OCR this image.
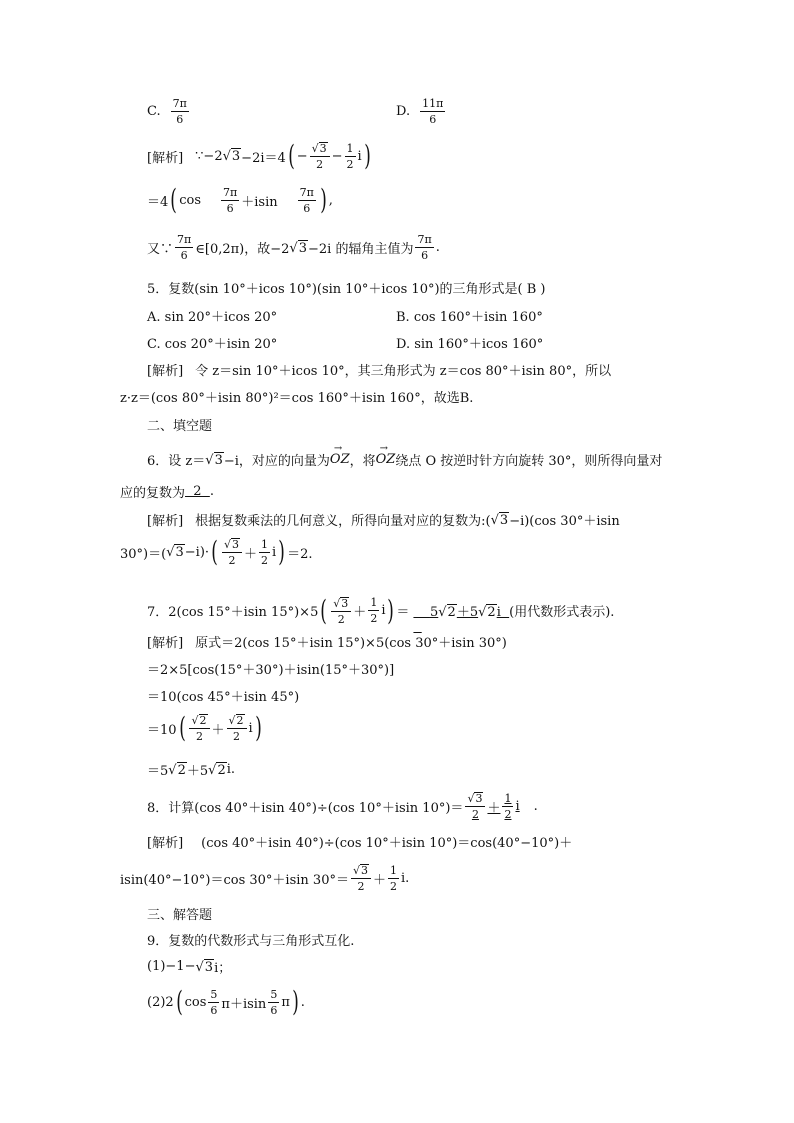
C. $\frac{7\pi}{6}$	D. $\frac{11\pi}{6}$
[解析] ∵−2 √ 3 −2i＝4 ( − $\frac{√ 3}{2} - \frac{1}{2}$ i )
＝4 ( $\cos \frac{7\pi}{6} +isin \frac{7\pi}{6}$ ) ,
又∵ $\frac{7\pi}{6}$ ∈[0,2π)，故−2 √ 3 −2i 的辐角主值为 $\frac{7\pi}{6}$ .
5．复数(sin 10°＋icos 10°)(sin 10°＋icos 10°)的三角形式是( B )
A. sin 20°＋icos 20°	B. cos 160°＋isin 160°
C. cos 20°＋isin 20°	D. sin 160°＋icos 160°
[解析] 令 z＝sin 10°＋icos 10°，其三角形式为 z＝cos 80°＋isin 80°，所以
z·z＝(cos 80°＋isin 80°)²＝cos 160°＋isin 160°，故选B.
二、填空题
6．设 z＝ √ 3 −i，对应的向量为
→
OZ ，将
→
OZ 绕点 O 按逆时针方向旋转 30°，则所得向量对
应的复数为 2 .
[解析] 根据复数乘法的几何意义，所得向量对应的复数为:( √ 3 −i)(cos 30°＋isin
30°)＝( √ 3 −i)· ( $\frac{√ 3}{2} + \frac{1}{2}$ i ) ＝2.
7．2(cos 15°＋isin 15°)×5 ( $\frac{√ 3}{2} + \frac{1}{2}$ i ) ＝	5√ 2 ＋5√ 2 i
(用代数形式表示).
[解析] 原式＝2(cos 15°＋isin 15°)×5(cos 30°＋isin 30°)
＝2×5[cos(15°＋30°)＋isin(15°＋30°)]
＝10(cos 45°＋isin 45°)
＝10 ( $\frac{√ 2}{2} + \frac{√ 2}{2}$ i )
＝5 √ 2 ＋5 √ 2 i.
8．计算(cos 40°＋isin 40°)÷(cos 10°＋isin $10^\circ)= \frac{√ 3}{2} + \frac{1}{2}$ i .
[解析] (cos 40°＋isin 40°)÷(cos 10°＋isin 10°)＝cos(40°−10°)＋
isin(40°−10°)＝cos 30°＋isin $30^\circ= \frac{√ 3}{2} + \frac{1}{2} i$.
三、解答题
9．复数的代数形式与三角形式互化.
(1)−1− √ 3 i；
(2)2 ( $\cos \frac{5}{6} \pi+isin \frac{5}{6}$ π ) .
